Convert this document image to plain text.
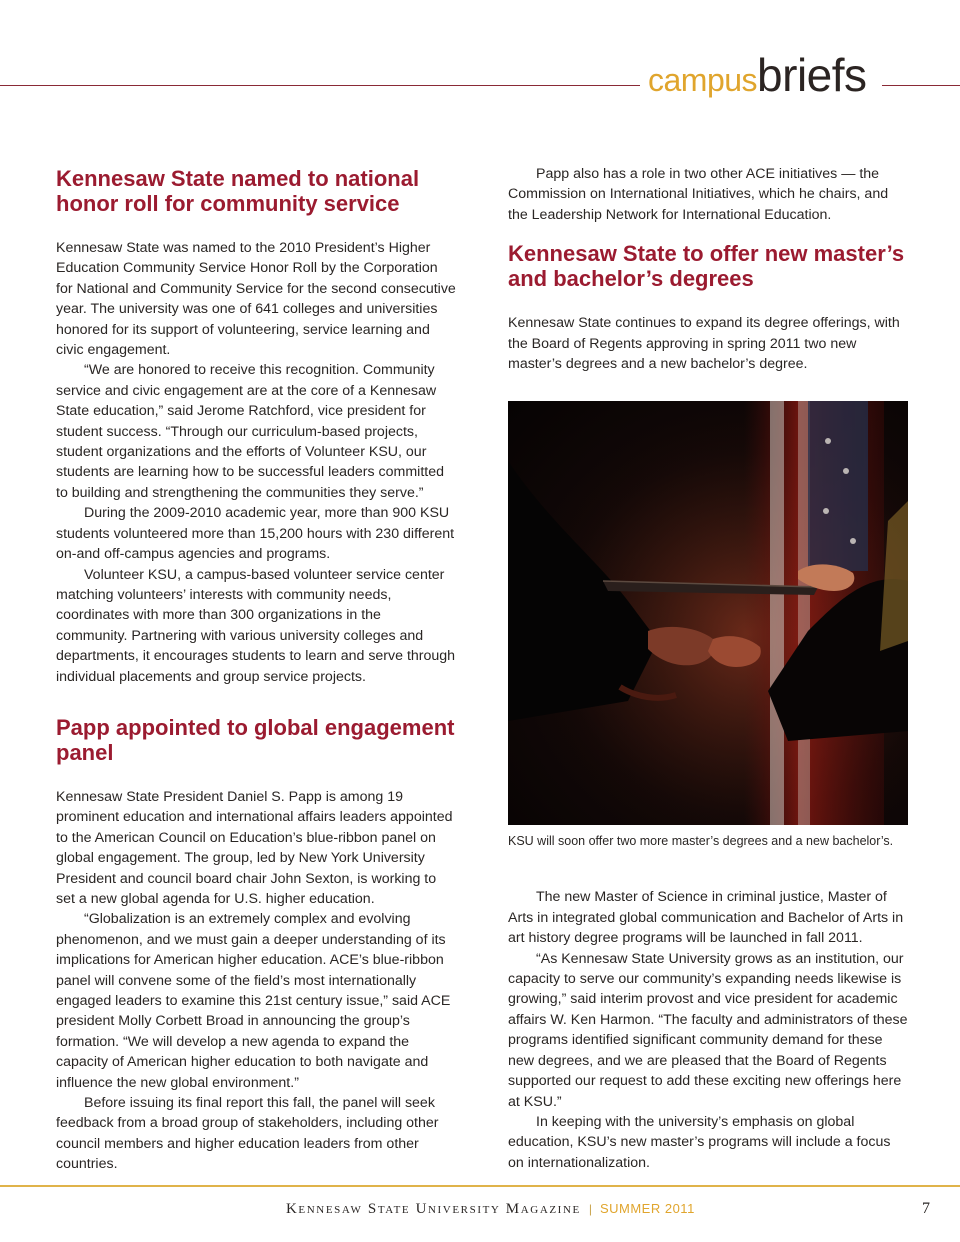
campusbriefs
Kennesaw State named to national honor roll for community service

Kennesaw State was named to the 2010 President’s Higher Education Community Service Honor Roll by the Corporation for National and Community Service for the second consecutive year. The university was one of 641 colleges and universities honored for its support of volunteering, service learning and civic engagement.

“We are honored to receive this recognition. Community service and civic engagement are at the core of a Kennesaw State education,” said Jerome Ratchford, vice president for student success. “Through our curriculum-based projects, student organizations and the efforts of Volunteer KSU, our students are learning how to be successful leaders committed to building and strengthening the communities they serve.”

During the 2009-2010 academic year, more than 900 KSU students volunteered more than 15,200 hours with 230 different on-and off-campus agencies and programs.

Volunteer KSU, a campus-based volunteer service center matching volunteers’ interests with community needs, coordinates with more than 300 organizations in the community. Partnering with various university colleges and departments, it encourages students to learn and serve through individual placements and group service projects.

Papp appointed to global engagement panel

Kennesaw State President Daniel S. Papp is among 19 prominent education and international affairs leaders appointed to the American Council on Education’s blue-ribbon panel on global engagement. The group, led by New York University President and council board chair John Sexton, is working to set a new global agenda for U.S. higher education.

“Globalization is an extremely complex and evolving phenomenon, and we must gain a deeper understanding of its implications for American higher education. ACE’s blue-ribbon panel will convene some of the field’s most internationally engaged leaders to examine this 21st century issue,” said ACE president Molly Corbett Broad in announcing the group’s formation. “We will develop a new agenda to expand the capacity of American higher education to both navigate and influence the new global environment.”

Before issuing its final report this fall, the panel will seek feedback from a broad group of stakeholders, including other council members and higher education leaders from other countries.

Papp also has a role in two other ACE initiatives — the Commission on International Initiatives, which he chairs, and the Leadership Network for International Education.

Kennesaw State to offer new master’s and bachelor’s degrees

Kennesaw State continues to expand its degree offerings, with the Board of Regents approving in spring 2011 two new master’s degrees and a new bachelor’s degree.

KSU will soon offer two more master’s degrees and a new bachelor’s.

The new Master of Science in criminal justice, Master of Arts in integrated global communication and Bachelor of Arts in art history degree programs will be launched in fall 2011.

“As Kennesaw State University grows as an institution, our capacity to serve our community’s expanding needs likewise is growing,” said interim provost and vice president for academic affairs W. Ken Harmon. “The faculty and administrators of these programs identified significant community demand for these new degrees, and we are pleased that the Board of Regents supported our request to add these exciting new offerings here at KSU.”

In keeping with the university’s emphasis on global education, KSU’s new master’s programs will include a focus on internationalization.

Kennesaw State University Magazine | SUMMER 2011	7
